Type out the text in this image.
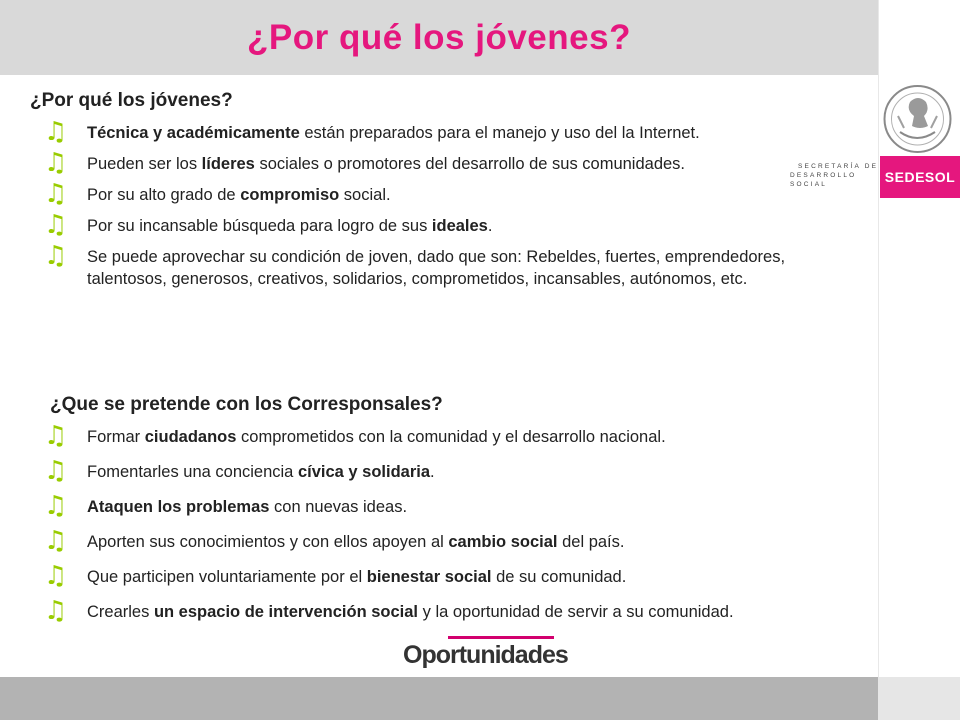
¿Por qué los jóvenes?
SECRETARÍA DE
DESARROLLO SOCIAL	SEDESOL
¿Por qué los jóvenes?
♫ Técnica y académicamente están preparados para el manejo y uso del la Internet.
♫ Pueden ser los líderes sociales o promotores del desarrollo de sus comunidades.
♫ Por su alto grado de compromiso social.
♫ Por su incansable búsqueda para logro de sus ideales.
♫ Se puede aprovechar su condición de joven, dado que son: Rebeldes, fuertes, emprendedores, talentosos, generosos, creativos, solidarios, comprometidos, incansables, autónomos, etc.
¿Que se pretende con los Corresponsales?
♫ Formar ciudadanos comprometidos con la comunidad y el desarrollo nacional.
♫ Fomentarles una conciencia cívica y solidaria.
♫ Ataquen los problemas con nuevas ideas.
♫ Aporten sus conocimientos y con ellos apoyen al cambio social del país.
♫ Que participen voluntariamente por el bienestar social de su comunidad.
♫ Crearles un espacio de intervención social y la oportunidad de servir a su comunidad.
Oportunidades
